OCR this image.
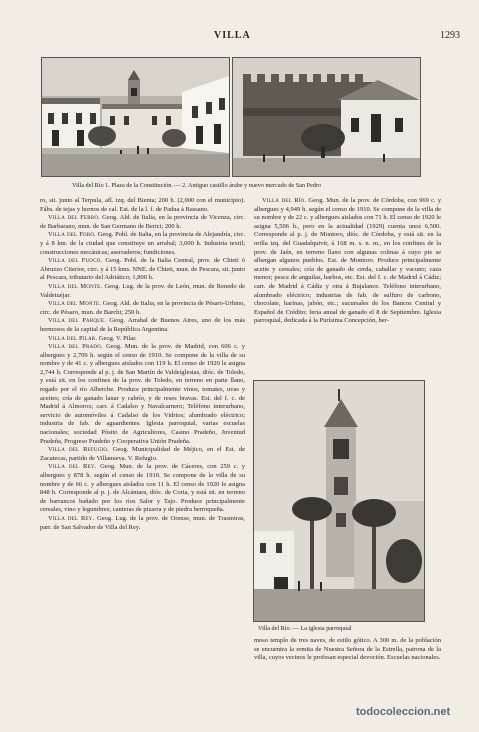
VILLA	1293
Villa del Río 1. Plaza de la Constitución. — 2. Antiguo castillo árabe y nuevo mercado de San Pedro

ro, sit. junto al Terpula, afl. izq. del Bienta; 200 h. (2,000 con el municipio). Fábs. de tejas y hornos de cal. Est. de la l. f. de Padua á Bassano.

Villa del Ferro. Geog. Ald. de Italia, en la provincia de Vicenza, circ. de Barbarano, mun. de San Germano de Berici; 200 h.

Villa del Foro. Geog. Pobl. de Italia, en la provincia de Alejandría, circ. y á 8 km. de la ciudad que constituye un arrabal; 3,000 h. Industria textil; construcciones mecánicas; aserraderos; fundiciones.

Villa del Fuoco. Geog. Pobl. de la Italia Central, prov. de Chieti ó Abruzzo Citerior, circ. y á 15 kms. NNE. de Chieti, mun. de Pescara, sit. junto al Pescara, tributario del Adriático; 1,800 h.

Villa del Monte. Geog. Lug. de la prov. de León, mun. de Renedo de Valdetuéjar.

Villa del Monte. Geog. Ald. de Italia, en la provincia de Pésaro-Urbino, circ. de Pésaro, mun. de Barchi; 250 h.

Villa del Parque. Geog. Arrabal de Buenos Aires, uno de los más hermosos de la capital de la República Argentina.

Villa del Pilar. Geog. V. Pilar.

Villa del Prado. Geog. Mun. de la prov. de Madrid, con 606 c. y albergues y 2,709 h. según el censo de 1910. Se compone de la villa de su nombre y de 41 c. y albergues aislados con 119 h. El censo de 1920 le asigna 2,744 h. Corresponde al p. j. de San Martín de Valdeiglesias, dióc. de Toledo, y está sit. en los confines de la prov. de Toledo, en terreno en parte llano, regado por el río Alberche. Produce principalmente vinos, tomates, uvas y aceites; cría de ganado lanar y cabrío, y de reses bravas. Est. del f. c. de Madrid á Almorox; carr. á Cadalso y Navalcarnero; Teléfono interurbano, servicio de automóviles á Cadalso de los Vidrios; alumbrado eléctrico; industria de fab. de aguardientes. Iglesia parroquial, varias escuelas nacionales; sociedad Pósito de Agricultores, Casino Pradeño, Juventud Pradeña, Progreso Pradeño y Cooperativa Unión Pradeña.

Villa del Refugio. Geog. Municipalidad de Méjico, en el Est. de Zacatecas, partido de Villanueva. V. Refugio.

Villa del Rey. Geog. Mun. de la prov. de Cáceres, con 259 c. y albergues y 878 h. según el censo de 1910. Se compone de la villa de su nombre y de 66 c. y albergues aislados con 11 h. El censo de 1920 le asigna 848 h. Corresponde al p. j. de Alcántara, dióc. de Coria, y está sit. en terreno de barrancos bañado por los ríos Salor y Tajo. Produce principalmente cereales, vino y legumbres; canteras de pizarra y de piedra berroqueña.

Villa del Rey. Geog. Lug. de la prov. de Orense, mun. de Trasmiras, parr. de San Salvador de Villa del Rey.

Villa del Río. Geog. Mun. de la prov. de Córdoba, con 969 c. y albergues y 4,949 h. según el censo de 1910. Se compone de la villa de su nombre y de 22 c. y albergues aislados con 71 h. El censo de 1920 le asigna 5,506 h., pero en la actualidad (1929) cuenta unos 6,500. Corresponde al p. j. de Montoro, dióc. de Córdoba, y está sit. en la orilla izq. del Guadalquivir, á 168 m. s. n. m., en los confines de la prov. de Jaén, en terreno llano con algunas colinas á cuyo pie se albergan algunos pueblos. Est. de Montoro. Produce principalmente aceite y cereales; cría de ganado de cerda, caballar y vacuno; caza menor; pesca de anguilas, barbos, etc. Est. del f. c. de Madrid á Cádiz; carr. de Madrid á Cádiz y otra á Bujalance. Teléfono interurbano, alumbrado eléctrico; industrias de fab. de sulfuro de carbono, chocolate, harinas, jabón, etc.; sucursales de los Bancos Central y Español de Crédito; feria anual de ganado el 8 de Septiembre. Iglesia parroquial, dedicada á la Purísima Concepción, her-

Villa del Río. — La iglesia parroquial

moso templo de tres naves, de estilo gótico. A 300 m. de la población se encuentra la ermita de Nuestra Señora de la Estrella, patrona de la villa, cuyos vecinos le profesan especial devoción. Escuelas nacionales.

todocoleccion.net
